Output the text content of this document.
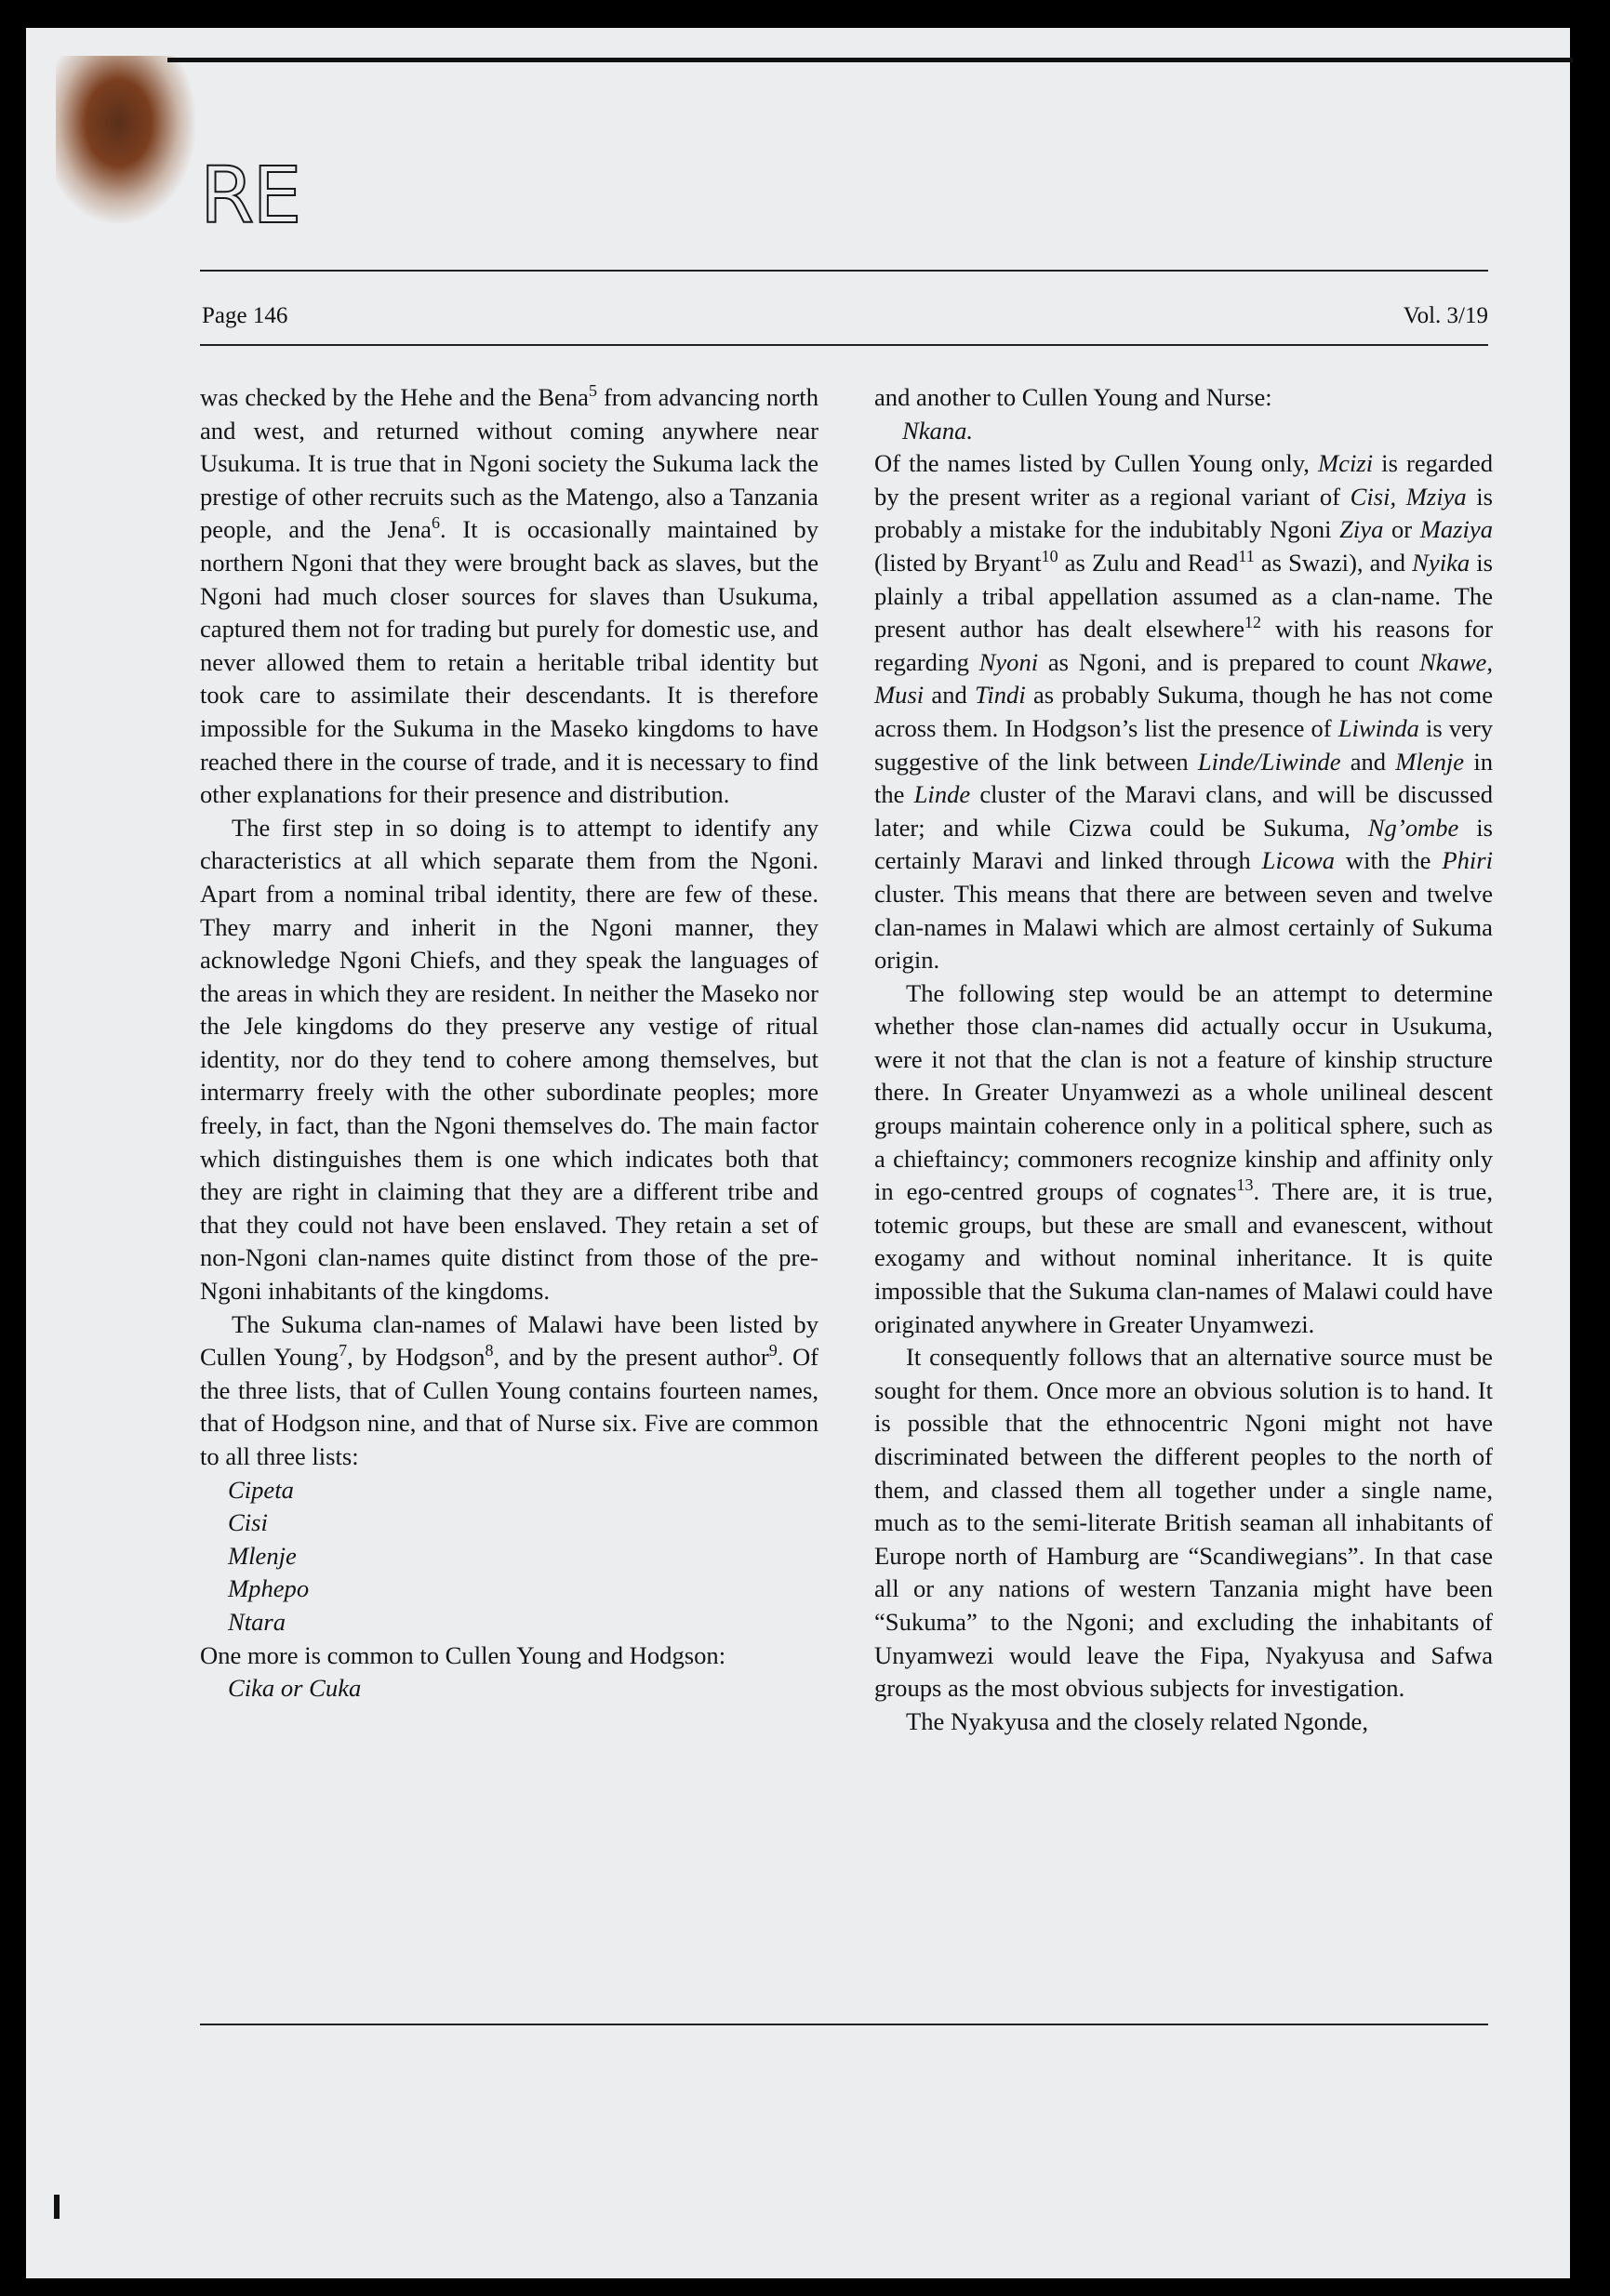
RE
Page 146	Vol. 3/19

was checked by the Hehe and the Bena$^5$ from advancing north and west, and returned without coming anywhere near Usukuma. It is true that in Ngoni society the Sukuma lack the prestige of other recruits such as the Matengo, also a Tanzania people, and the Jena$^6$. It is occasionally maintained by northern Ngoni that they were brought back as slaves, but the Ngoni had much closer sources for slaves than Usukuma, captured them not for trading but purely for domestic use, and never allowed them to retain a heritable tribal identity but took care to assimilate their descendants. It is therefore impossible for the Sukuma in the Maseko kingdoms to have reached there in the course of trade, and it is necessary to find other explanations for their presence and distribution.

The first step in so doing is to attempt to identify any characteristics at all which separate them from the Ngoni. Apart from a nominal tribal identity, there are few of these. They marry and inherit in the Ngoni manner, they acknowledge Ngoni Chiefs, and they speak the languages of the areas in which they are resident. In neither the Maseko nor the Jele kingdoms do they preserve any vestige of ritual identity, nor do they tend to cohere among themselves, but intermarry freely with the other subordinate peoples; more freely, in fact, than the Ngoni themselves do. The main factor which distinguishes them is one which indicates both that they are right in claiming that they are a different tribe and that they could not have been enslaved. They retain a set of non-Ngoni clan-names quite distinct from those of the pre-Ngoni inhabitants of the kingdoms.

The Sukuma clan-names of Malawi have been listed by Cullen Young$^7$, by Hodgson$^8$, and by the present author$^9$. Of the three lists, that of Cullen Young contains fourteen names, that of Hodgson nine, and that of Nurse six. Five are common to all three lists:

Cipeta

Cisi

Mlenje

Mphepo

Ntara

One more is common to Cullen Young and Hodgson:

Cika or Cuka

and another to Cullen Young and Nurse:

Nkana.

Of the names listed by Cullen Young only, Mcizi is regarded by the present writer as a regional variant of Cisi, Mziya is probably a mistake for the indubitably Ngoni Ziya or Maziya (listed by Bryant$^{10}$ as Zulu and Read$^{11}$ as Swazi), and Nyika is plainly a tribal appellation assumed as a clan-name. The present author has dealt elsewhere$^{12}$ with his reasons for regarding Nyoni as Ngoni, and is prepared to count Nkawe, Musi and Tindi as probably Sukuma, though he has not come across them. In Hodgson’s list the presence of Liwinda is very suggestive of the link between Linde/Liwinde and Mlenje in the Linde cluster of the Maravi clans, and will be discussed later; and while Cizwa could be Sukuma, Ng’ombe is certainly Maravi and linked through Licowa with the Phiri cluster. This means that there are between seven and twelve clan-names in Malawi which are almost certainly of Sukuma origin.

The following step would be an attempt to determine whether those clan-names did actually occur in Usukuma, were it not that the clan is not a feature of kinship structure there. In Greater Unyamwezi as a whole unilineal descent groups maintain coherence only in a political sphere, such as a chieftaincy; commoners recognize kinship and affinity only in ego-centred groups of cognates$^{13}$. There are, it is true, totemic groups, but these are small and evanescent, without exogamy and without nominal inheritance. It is quite impossible that the Sukuma clan-names of Malawi could have originated anywhere in Greater Unyamwezi.

It consequently follows that an alternative source must be sought for them. Once more an obvious solution is to hand. It is possible that the ethnocentric Ngoni might not have discriminated between the different peoples to the north of them, and classed them all together under a single name, much as to the semi-literate British seaman all inhabitants of Europe north of Hamburg are “Scandiwegians”. In that case all or any nations of western Tanzania might have been “Sukuma” to the Ngoni; and excluding the inhabitants of Unyamwezi would leave the Fipa, Nyakyusa and Safwa groups as the most obvious subjects for investigation.

The Nyakyusa and the closely related Ngonde,
